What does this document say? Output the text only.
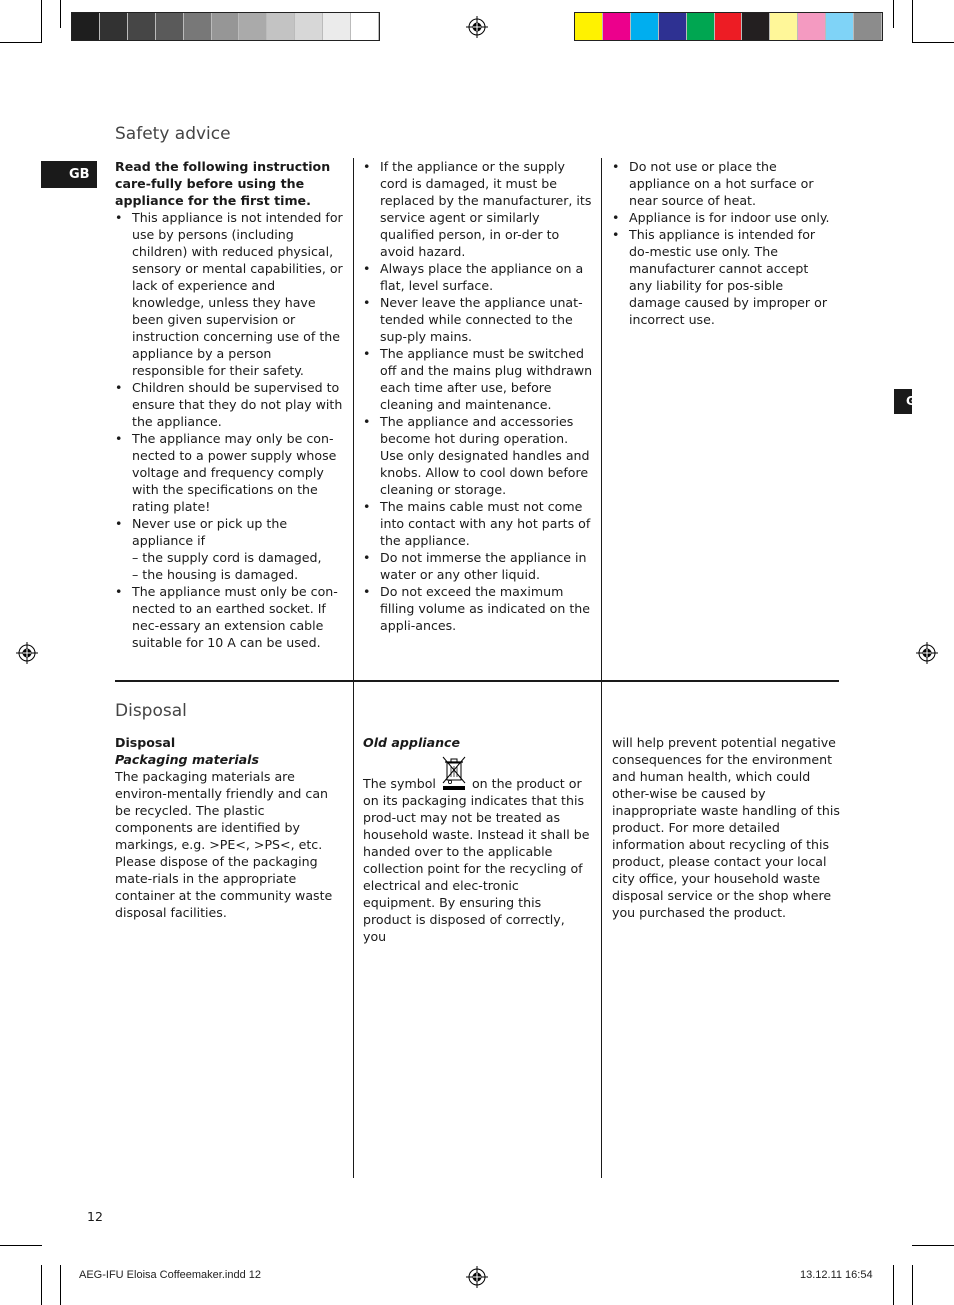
GB
G
Safety advice

Read the following instruction care-fully before using the appliance for the first time.

• This appliance is not intended for use by persons (including children) with reduced physical, sensory or mental capabilities, or lack of experience and knowledge, unless they have been given supervision or instruction concerning use of the appliance by a person responsible for their safety.
• Children should be supervised to ensure that they do not play with the appliance.
• The appliance may only be con-nected to a power supply whose voltage and frequency comply with the specifications on the rating plate!
• Never use or pick up the appliance if
– the supply cord is damaged,
– the housing is damaged.
• The appliance must only be con-nected to an earthed socket. If nec-essary an extension cable suitable for 10 A can be used.
• If the appliance or the supply cord is damaged, it must be replaced by the manufacturer, its service agent or similarly qualified person, in or-der to avoid hazard.
• Always place the appliance on a flat, level surface.
• Never leave the appliance unat-tended while connected to the sup-ply mains.
• The appliance must be switched off and the mains plug withdrawn each time after use, before cleaning and maintenance.
• The appliance and accessories become hot during operation. Use only designated handles and knobs. Allow to cool down before cleaning or storage.
• The mains cable must not come into contact with any hot parts of the appliance.
• Do not immerse the appliance in water or any other liquid.
• Do not exceed the maximum filling volume as indicated on the appli-ances.
• Do not use or place the appliance on a hot surface or near source of heat.
• Appliance is for indoor use only.
• This appliance is intended for do-mestic use only. The manufacturer cannot accept any liability for pos-sible damage caused by improper or incorrect use.
Disposal

Disposal

Packaging materials

The packaging materials are environ-mentally friendly and can be recycled. The plastic components are identified by markings, e.g. >PE<, >PS<, etc. Please dispose of the packaging mate-rials in the appropriate container at the community waste disposal facilities.

Old appliance

The symbol	on the product or on its packaging indicates that this prod-uct may not be treated as household waste. Instead it shall be handed over to the applicable collection point for the recycling of electrical and elec-tronic equipment. By ensuring this product is disposed of correctly, you

will help prevent potential negative consequences for the environment and human health, which could other-wise be caused by inappropriate waste handling of this product. For more detailed information about recycling of this product, please contact your local city office, your household waste disposal service or the shop where you purchased the product.

12
AEG-IFU Eloisa Coffeemaker.indd 12	13.12.11 16:54
